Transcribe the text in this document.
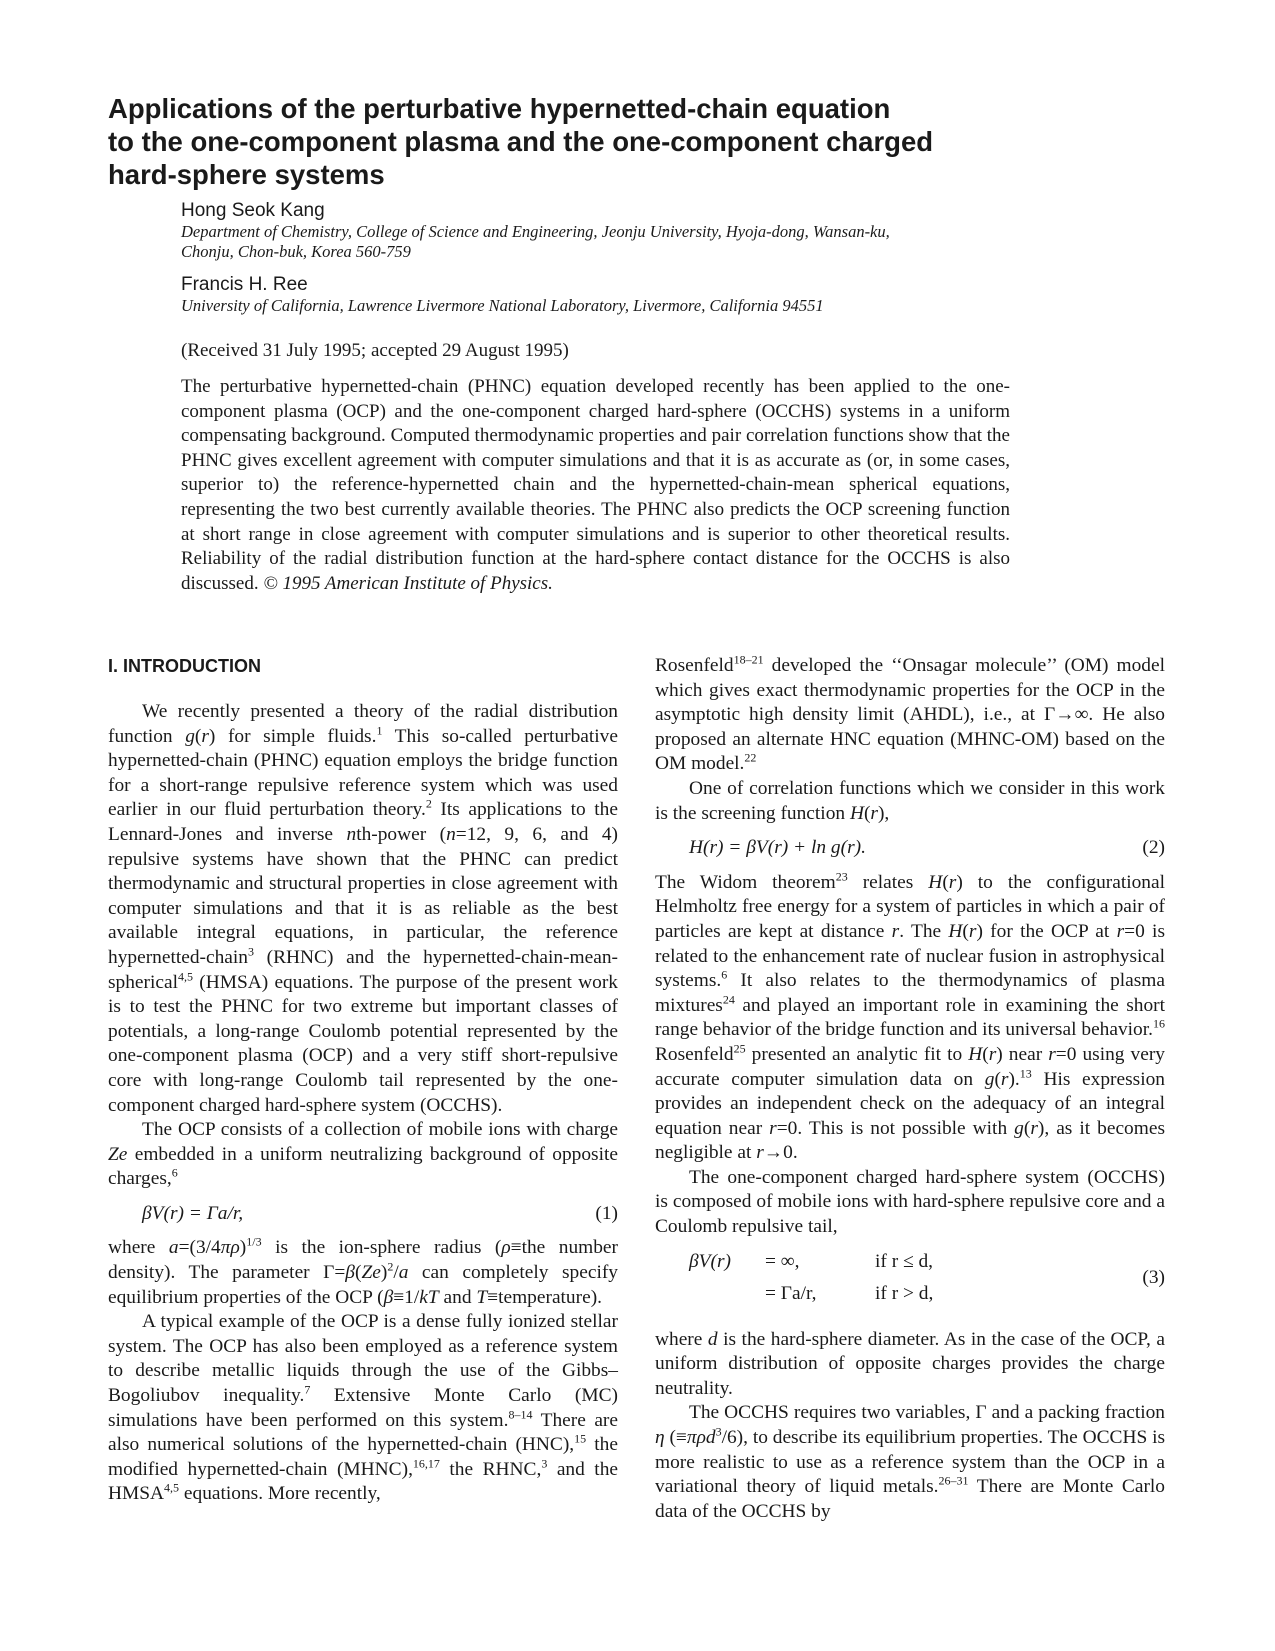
Applications of the perturbative hypernetted-chain equation
to the one-component plasma and the one-component charged
hard-sphere systems
Hong Seok Kang
Department of Chemistry, College of Science and Engineering, Jeonju University, Hyoja-dong, Wansan-ku,
Chonju, Chon-buk, Korea 560-759
Francis H. Ree
University of California, Lawrence Livermore National Laboratory, Livermore, California 94551
(Received 31 July 1995; accepted 29 August 1995)

The perturbative hypernetted-chain (PHNC) equation developed recently has been applied to the one-component plasma (OCP) and the one-component charged hard-sphere (OCCHS) systems in a uniform compensating background. Computed thermodynamic properties and pair correlation functions show that the PHNC gives excellent agreement with computer simulations and that it is as accurate as (or, in some cases, superior to) the reference-hypernetted chain and the hypernetted-chain-mean spherical equations, representing the two best currently available theories. The PHNC also predicts the OCP screening function at short range in close agreement with computer simulations and is superior to other theoretical results. Reliability of the radial distribution function at the hard-sphere contact distance for the OCCHS is also discussed. © 1995 American Institute of Physics.

I. INTRODUCTION

We recently presented a theory of the radial distribution function g(r) for simple fluids.$^1$ This so-called perturbative hypernetted-chain (PHNC) equation employs the bridge function for a short-range repulsive reference system which was used earlier in our fluid perturbation theory.$^2$ Its applications to the Lennard-Jones and inverse nth-power (n=12, 9, 6, and 4) repulsive systems have shown that the PHNC can predict thermodynamic and structural properties in close agreement with computer simulations and that it is as reliable as the best available integral equations, in particular, the reference hypernetted-chain$^3$ (RHNC) and the hypernetted-chain-mean-spherical$^{4,5}$ (HMSA) equations. The purpose of the present work is to test the PHNC for two extreme but important classes of potentials, a long-range Coulomb potential represented by the one-component plasma (OCP) and a very stiff short-repulsive core with long-range Coulomb tail represented by the one-component charged hard-sphere system (OCCHS).

The OCP consists of a collection of mobile ions with charge Ze embedded in a uniform neutralizing background of opposite charges,$^6$

βV(r) = Γa/r,	(1)

where $a=(3/4\pi\rho)^{1/3}$ is the ion-sphere radius (ρ≡the number density). The parameter $\Gamma=\beta(Ze)^2/a$ can completely specify equilibrium properties of the OCP (β≡1/kT and T≡temperature).

A typical example of the OCP is a dense fully ionized stellar system. The OCP has also been employed as a reference system to describe metallic liquids through the use of the Gibbs–Bogoliubov inequality.$^7$ Extensive Monte Carlo (MC) simulations have been performed on this system.$^{8-14}$ There are also numerical solutions of the hypernetted-chain (HNC),$^{15}$ the modified hypernetted-chain (MHNC),$^{16,17}$ the RHNC,$^3$ and the HMSA$^{4,5}$ equations. More recently,

Rosenfeld$^{18-21}$ developed the ‘‘Onsagar molecule’’ (OM) model which gives exact thermodynamic properties for the OCP in the asymptotic high density limit (AHDL), i.e., at Γ→∞. He also proposed an alternate HNC equation (MHNC-OM) based on the OM model.$^{22}$

One of correlation functions which we consider in this work is the screening function H(r),

H(r) = βV(r) + ln g(r).	(2)

The Widom theorem$^{23}$ relates H(r) to the configurational Helmholtz free energy for a system of particles in which a pair of particles are kept at distance r. The H(r) for the OCP at r=0 is related to the enhancement rate of nuclear fusion in astrophysical systems.$^6$ It also relates to the thermodynamics of plasma mixtures$^{24}$ and played an important role in examining the short range behavior of the bridge function and its universal behavior.$^{16}$ Rosenfeld$^{25}$ presented an analytic fit to H(r) near r=0 using very accurate computer simulation data on g(r).$^{13}$ His expression provides an independent check on the adequacy of an integral equation near r=0. This is not possible with g(r), as it becomes negligible at r→0.

The one-component charged hard-sphere system (OCCHS) is composed of mobile ions with hard-sphere repulsive core and a Coulomb repulsive tail,

βV(r) = ∞,	if r ≤ d,
= Γa/r,	if r > d,
(3)

where d is the hard-sphere diameter. As in the case of the OCP, a uniform distribution of opposite charges provides the charge neutrality.

The OCCHS requires two variables, Γ and a packing fraction η (≡πρd$^3$/6), to describe its equilibrium properties. The OCCHS is more realistic to use as a reference system than the OCP in a variational theory of liquid metals.$^{26-31}$ There are Monte Carlo data of the OCCHS by
